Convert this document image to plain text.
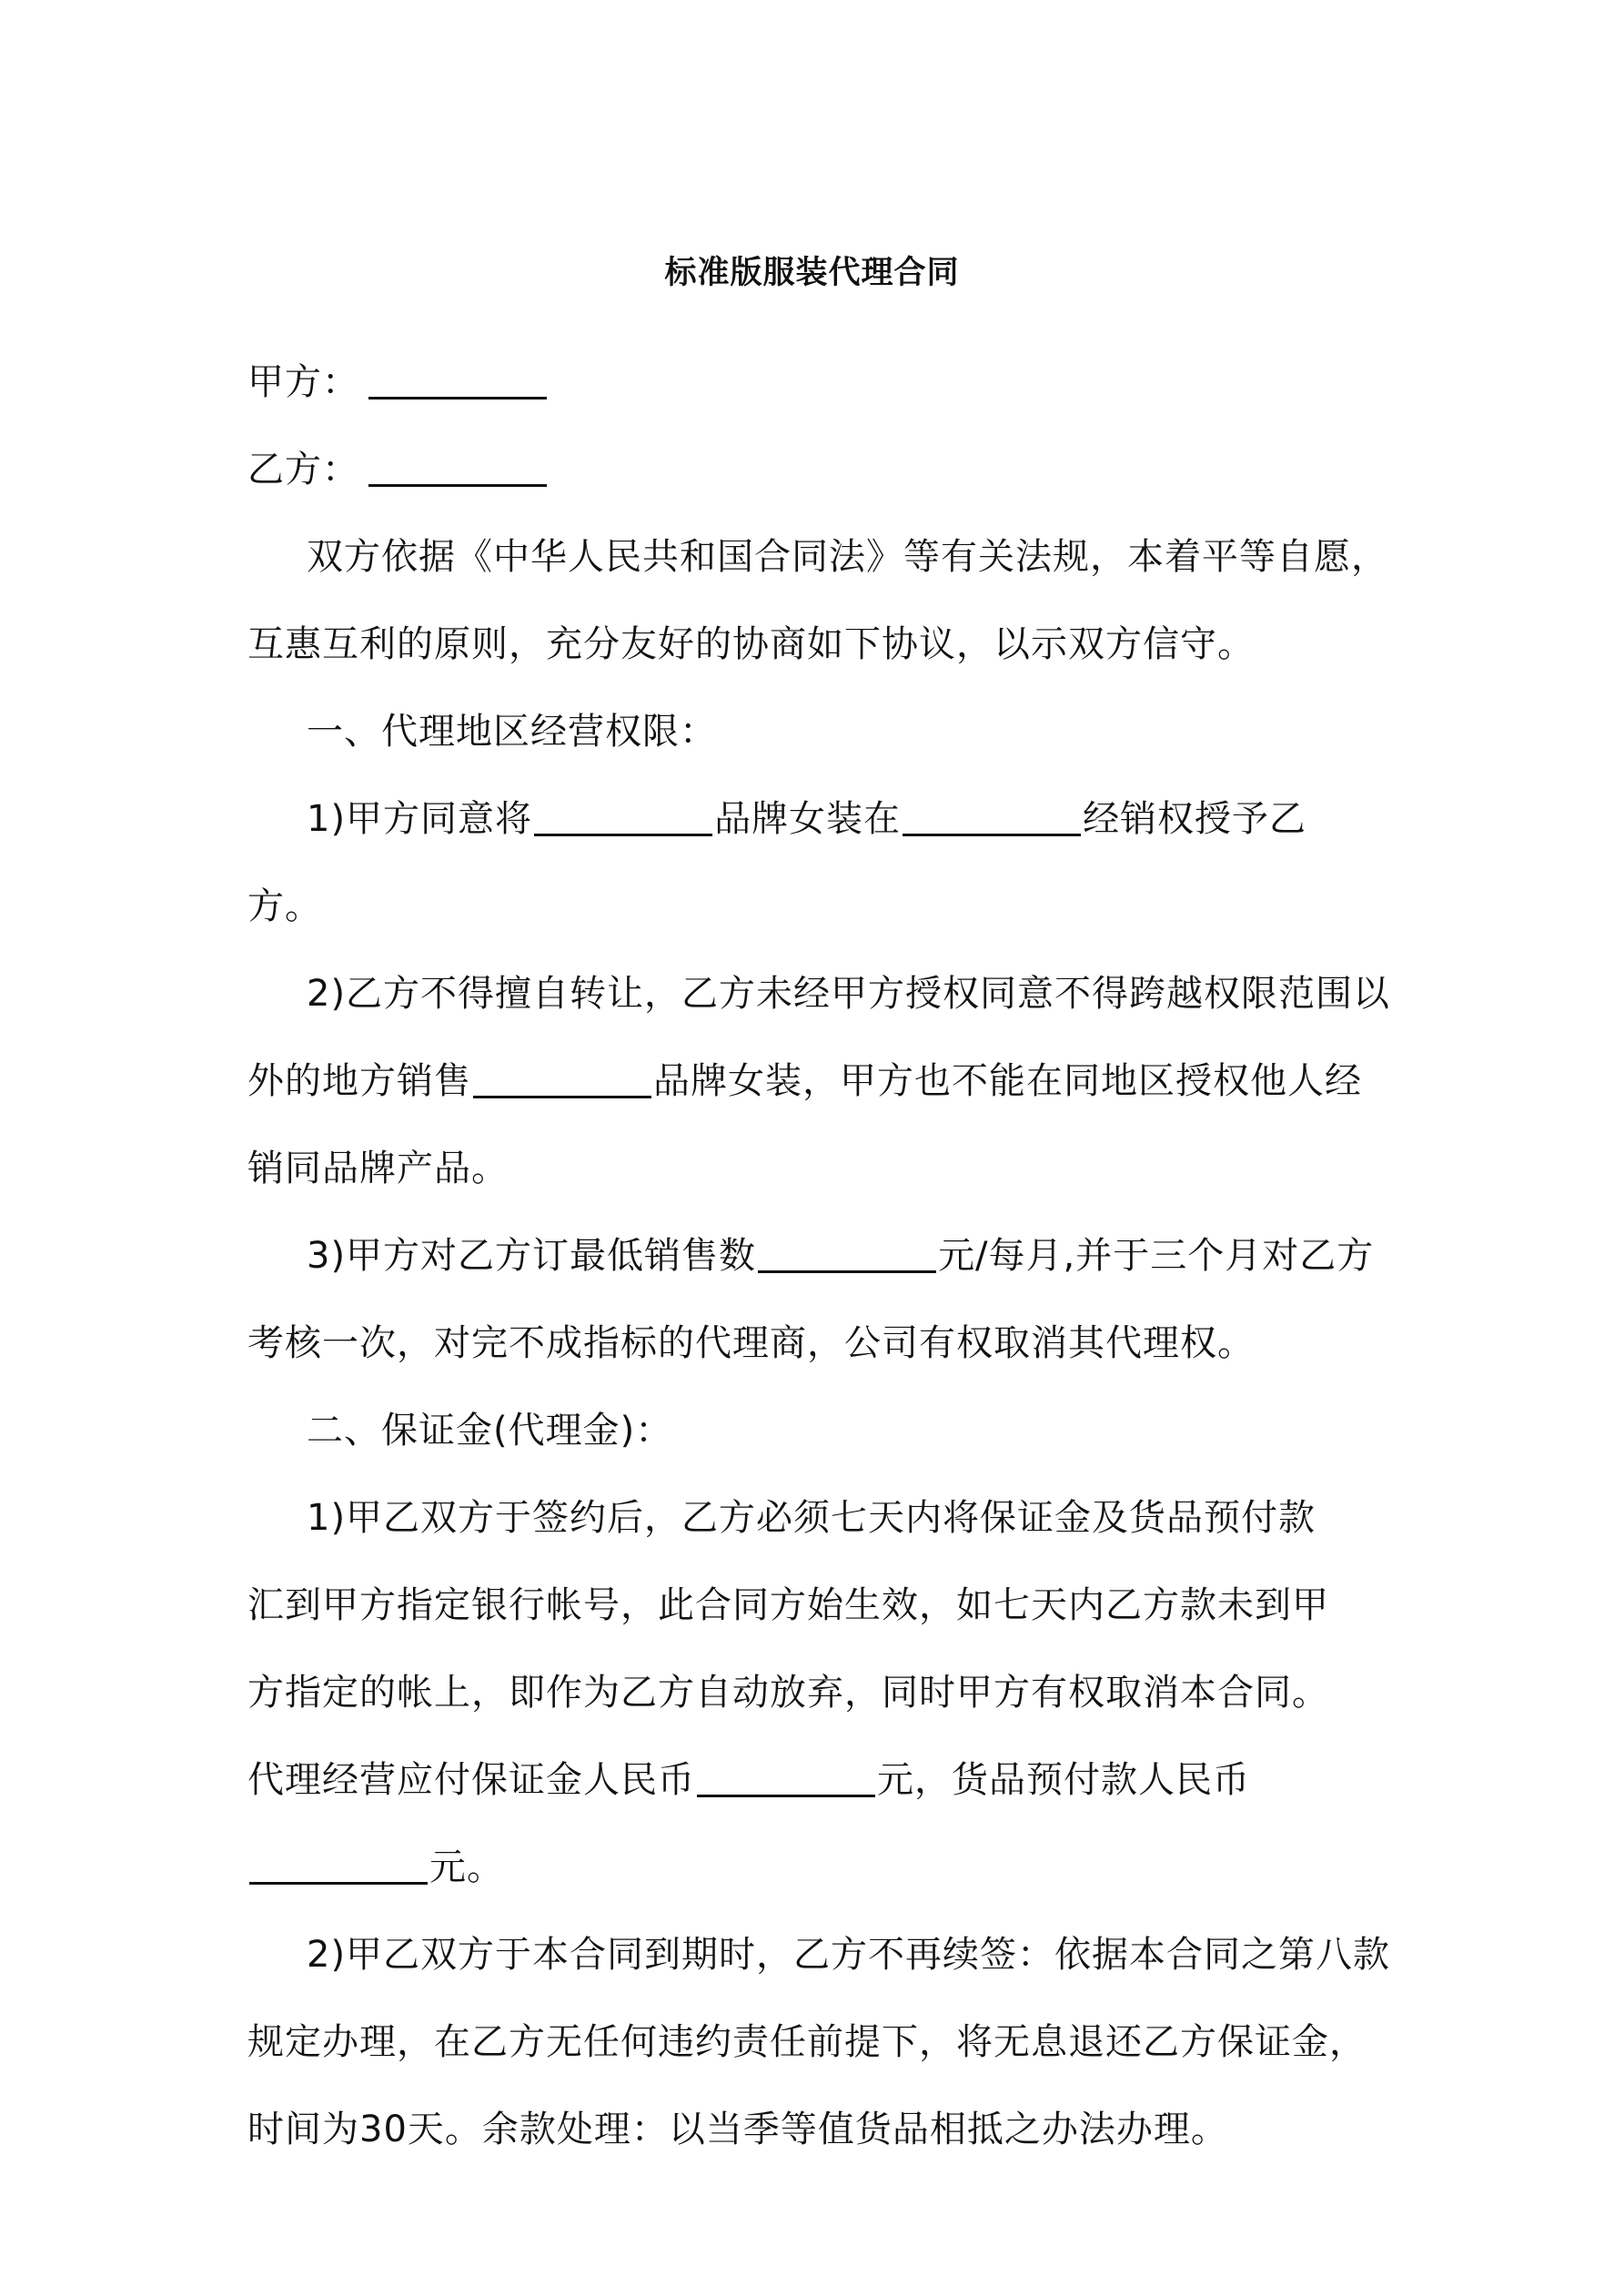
标准版服装代理合同

甲方：

乙方：

双方依据《中华人民共和国合同法》等有关法规，本着平等自愿，互惠互利的原则，充分友好的协商如下协议，以示双方信守。

一、代理地区经营权限：

1)甲方同意将	品牌女装在	经销权授予乙方。

2)乙方不得擅自转让，乙方未经甲方授权同意不得跨越权限范围以外的地方销售	品牌女装，甲方也不能在同地区授权他人经销同品牌产品。

3)甲方对乙方订最低销售数	元/每月,并于三个月对乙方考核一次，对完不成指标的代理商，公司有权取消其代理权。

二、保证金(代理金)：

1)甲乙双方于签约后，乙方必须七天内将保证金及货品预付款汇到甲方指定银行帐号，此合同方始生效，如七天内乙方款未到甲方指定的帐上，即作为乙方自动放弃，同时甲方有权取消本合同。代理经营应付保证金人民币	元，货品预付款人民币元。

2)甲乙双方于本合同到期时，乙方不再续签：依据本合同之第八款规定办理，在乙方无任何违约责任前提下，将无息退还乙方保证金，时间为30天。余款处理：以当季等值货品相抵之办法办理。
